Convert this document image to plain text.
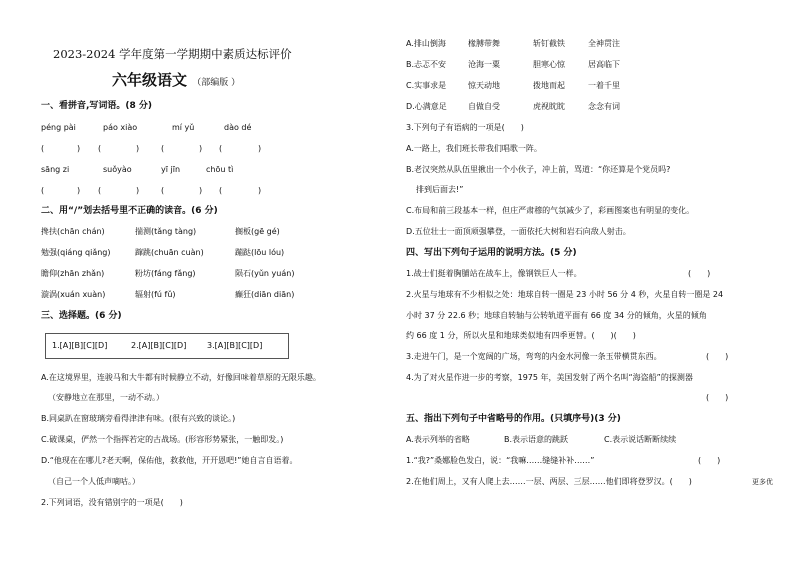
2023-2024 学年度第一学期期中素质达标评价
六年级语文 （部编版 ）
一、看拼音,写词语。(8 分)
péng pài	páo xiào	mí yǔ	dào dé
(	) (	)	(	) (	)
sāng zi	suǒyào	yī jīn	chōu tì
(	) (	)	(	) (	)
二、用“/”划去括号里不正确的读音。(6 分)
搀扶(chān chán)	揣测(tǎng tàng)	搁板(gē gé)
勉强(qiáng qiǎng)	蹿跳(chuān cuàn)	蹦跶(lōu lóu)
瞻仰(zhān zhǎn)	粉坊(fáng fǎng)	陨石(yǔn yuán)
漩涡(xuán xuàn)	辐射(fú fǔ)	癫狂(diān diān)
三、选择题。(6 分)
1.[A][B][C][D]	2.[A][B][C][D]	3.[A][B][C][D]
A.在这境界里，连骏马和大牛都有时候静立不动，好像回味着草原的无限乐趣。
（安静地立在那里，一动不动。）
B.同桌趴在窗玻璃旁看得津津有味。(很有兴致的谈论。)
C.破课桌，俨然一个指挥若定的古战场。(形容形势紧张，一触即发。)
D.“他现在在哪儿?老天啊，保佑他，救救他，开开恩吧!”她自言自语着。
（自己一个人低声嘀咕。）
2.下列词语，没有错别字的一项是(　　)
A.排山倒海	椽膊带舞	斩钉截铁	全神贯注
B.忐忑不安	沧海一粟	胆寒心惊	居高临下
C.实事求是	惊天动地	拨地而起	一着千里
D.心满意足	自做自受	虎视眈眈	念念有词
3.下列句子有语病的一项是(　　)
A.一路上，我们班长带我们唱歌一阵。
B.老汉突然从队伍里揪出一个小伙子，冲上前，骂道：“你还算是个党员吗?
排到后面去!”
C.布局和前三段基本一样，但庄严肃穆的气氛减少了，彩画图案也有明显的变化。
D.五位壮士一面顶顽强攀登，一面依托大树和岩石向敌人射击。
四、写出下列句子运用的说明方法。(5 分)
1.战士们挺着胸脯站在战车上，像钢铁巨人一样。	(　　)
2.火星与地球有不少相似之处：地球自转一圈是 23 小时 56 分 4 秒，火星自转一圈是 24
小时 37 分 22.6 秒；地球自转轴与公转轨道平面有 66 度 34 分的倾角，火星的倾角
约 66 度 1 分，所以火星和地球类似地有四季更替。(　　)(　　)
3.走进午门，是一个宽阔的广场，弯弯的内金水河像一条玉带横贯东西。	(　　)
4.为了对火星作进一步的考察，1975 年，美国发射了两个名叫“海盗船”的探测器
(　　)
五、指出下列句子中省略号的作用。(只填序号)(3 分)
A.表示列举的省略	B.表示语意的跳跃	C.表示说话断断续续
1.“我?”桑娜脸色发白，说：“我嘛……缝缝补补……”	(　　)
2.在他们周上，又有人爬上去……一层、两层、三层……他们即将登罗汉。(　　)	更多优
